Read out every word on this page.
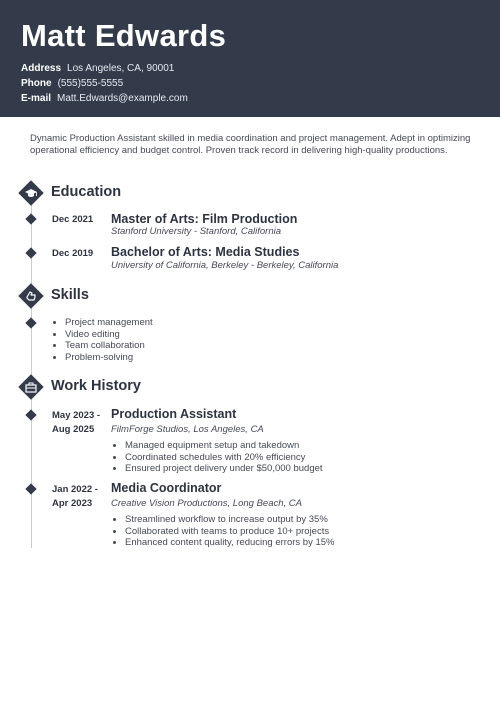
Matt Edwards
Address Los Angeles, CA, 90001
Phone (555)555-5555
E-mail Matt.Edwards@example.com
Dynamic Production Assistant skilled in media coordination and project management. Adept in optimizing operational efficiency and budget control. Proven track record in delivering high-quality productions.
Education
Dec 2021 Master of Arts: Film Production
Stanford University - Stanford, California
Dec 2019 Bachelor of Arts: Media Studies
University of California, Berkeley - Berkeley, California
Skills
• Project management
• Video editing
• Team collaboration
• Problem-solving
Work History
May 2023 -
Aug 2025
Production Assistant
FilmForge Studios, Los Angeles, CA
• Managed equipment setup and takedown
• Coordinated schedules with 20% efficiency
• Ensured project delivery under $50,000 budget
Jan 2022 -
Apr 2023
Media Coordinator
Creative Vision Productions, Long Beach, CA
• Streamlined workflow to increase output by 35%
• Collaborated with teams to produce 10+ projects
• Enhanced content quality, reducing errors by 15%
